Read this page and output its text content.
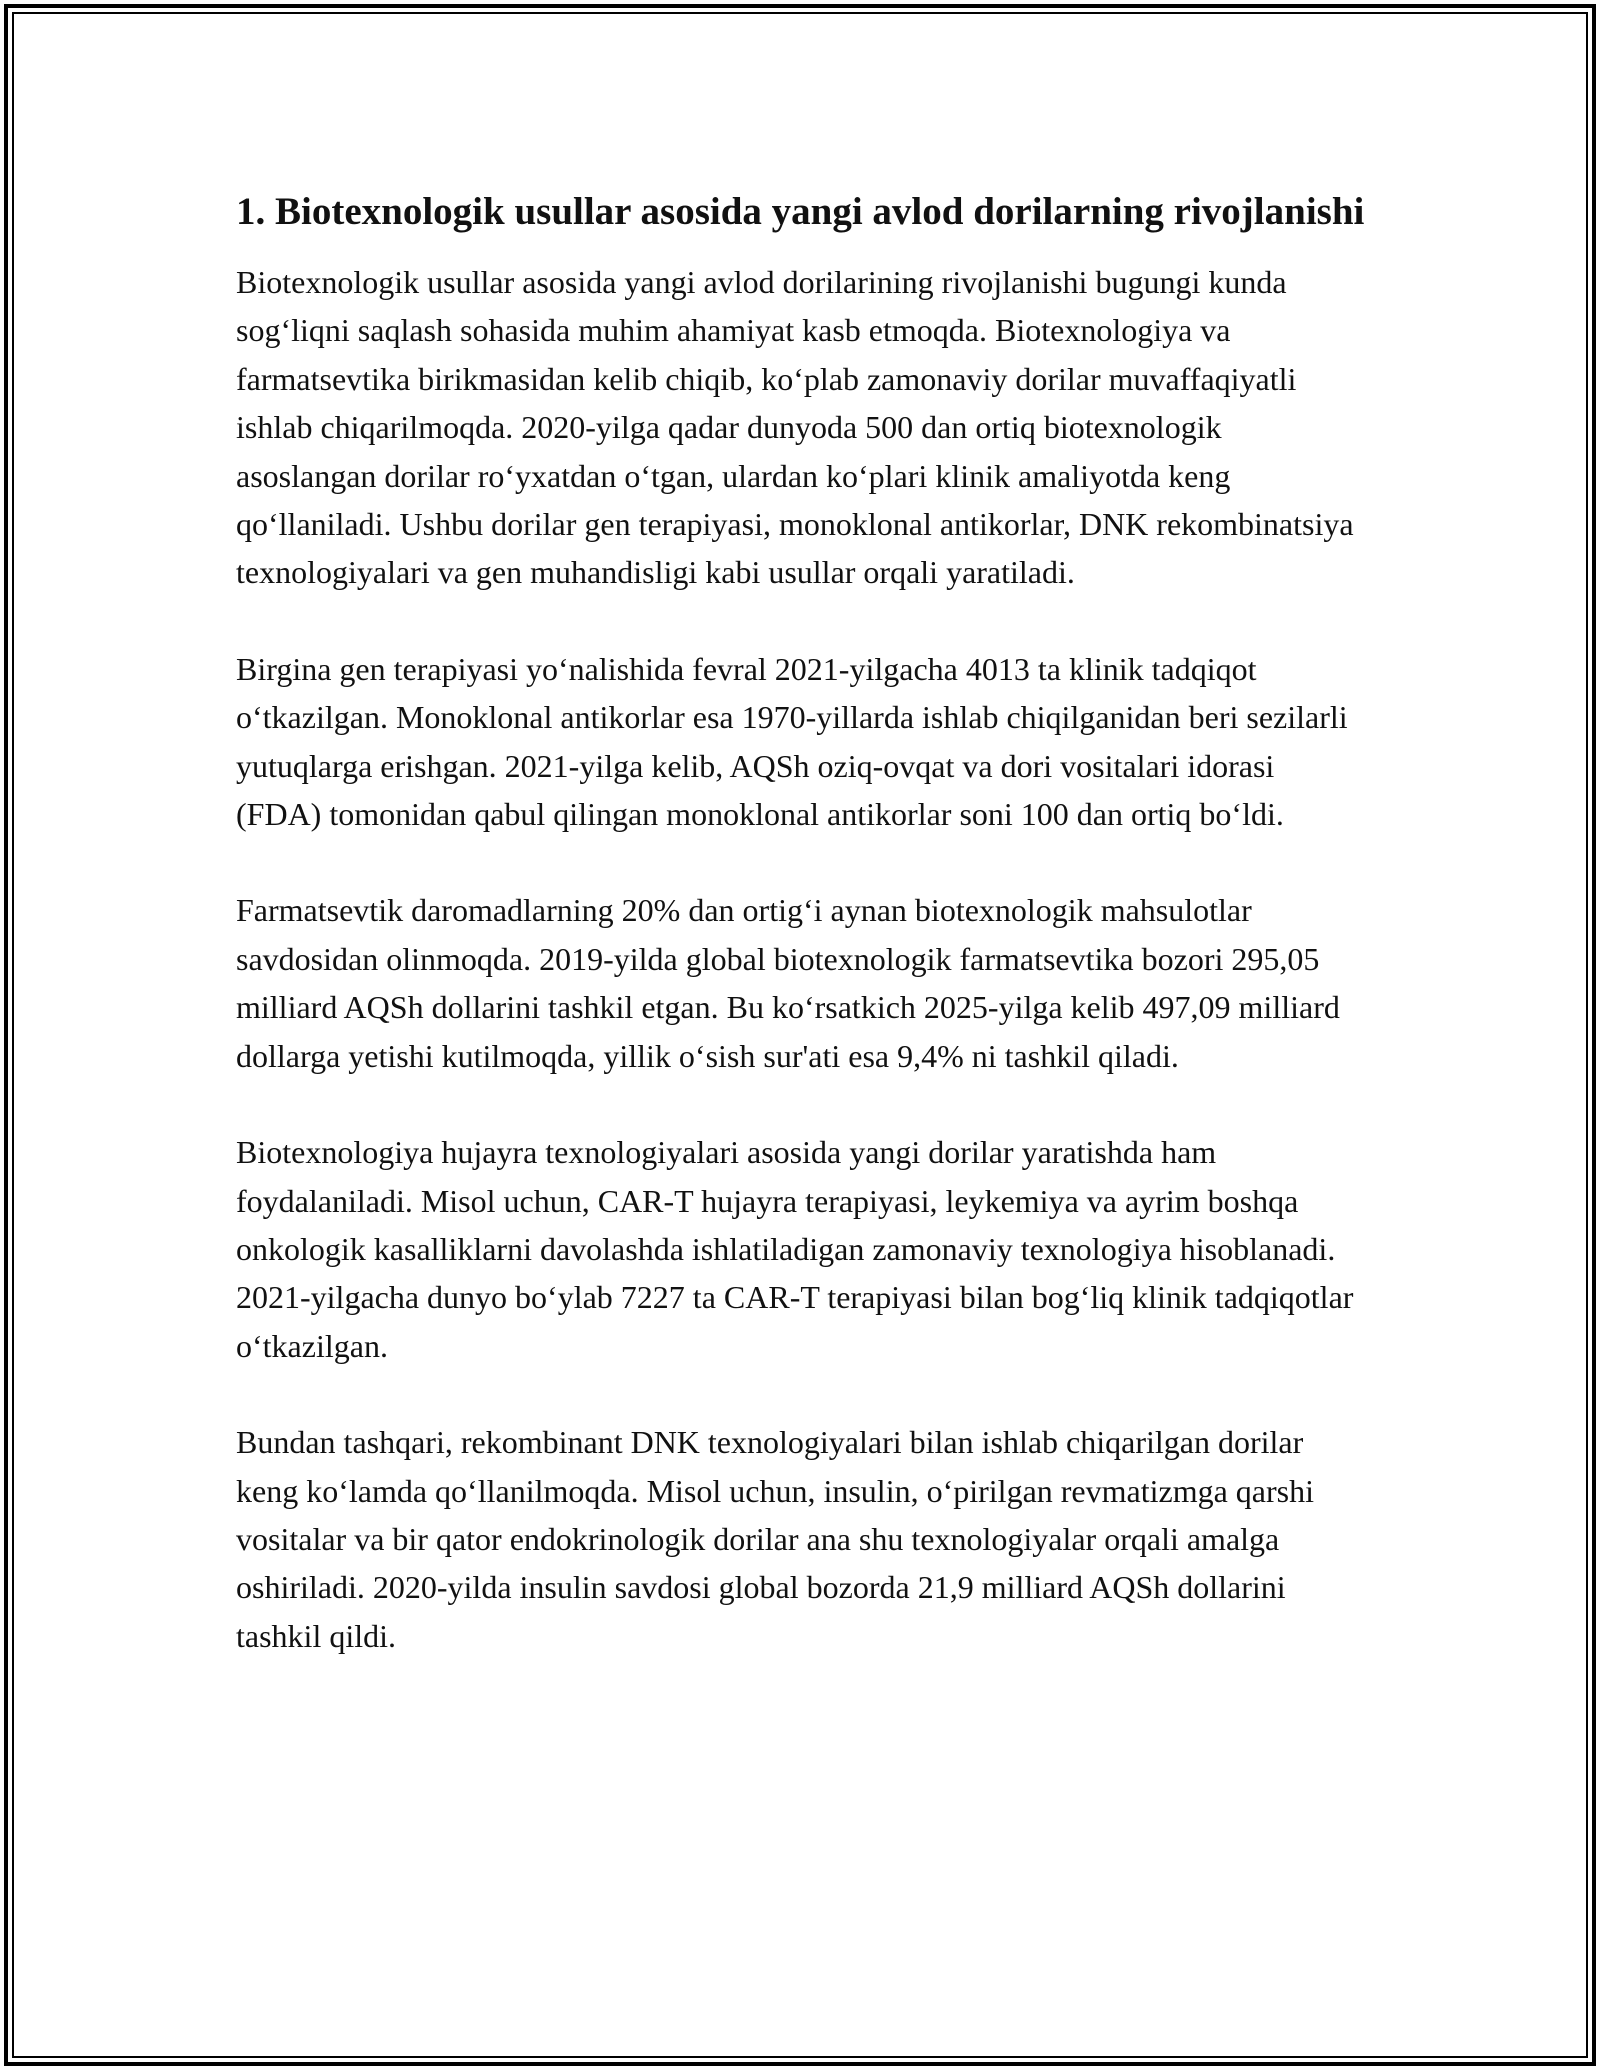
1. Biotexnologik usullar asosida yangi avlod dorilarning rivojlanishi

Biotexnologik usullar asosida yangi avlod dorilarining rivojlanishi bugungi kunda sog‘liqni saqlash sohasida muhim ahamiyat kasb etmoqda. Biotexnologiya va farmatsevtika birikmasidan kelib chiqib, ko‘plab zamonaviy dorilar muvaffaqiyatli ishlab chiqarilmoqda. 2020-yilga qadar dunyoda 500 dan ortiq biotexnologik asoslangan dorilar ro‘yxatdan o‘tgan, ulardan ko‘plari klinik amaliyotda keng qo‘llaniladi. Ushbu dorilar gen terapiyasi, monoklonal antikorlar, DNK rekombinatsiya texnologiyalari va gen muhandisligi kabi usullar orqali yaratiladi.

Birgina gen terapiyasi yo‘nalishida fevral 2021-yilgacha 4013 ta klinik tadqiqot o‘tkazilgan. Monoklonal antikorlar esa 1970-yillarda ishlab chiqilganidan beri sezilarli yutuqlarga erishgan. 2021-yilga kelib, AQSh oziq-ovqat va dori vositalari idorasi (FDA) tomonidan qabul qilingan monoklonal antikorlar soni 100 dan ortiq bo‘ldi.

Farmatsevtik daromadlarning 20% dan ortig‘i aynan biotexnologik mahsulotlar savdosidan olinmoqda. 2019-yilda global biotexnologik farmatsevtika bozori 295,05 milliard AQSh dollarini tashkil etgan. Bu ko‘rsatkich 2025-yilga kelib 497,09 milliard dollarga yetishi kutilmoqda, yillik o‘sish sur'ati esa 9,4% ni tashkil qiladi.

Biotexnologiya hujayra texnologiyalari asosida yangi dorilar yaratishda ham foydalaniladi. Misol uchun, CAR-T hujayra terapiyasi, leykemiya va ayrim boshqa onkologik kasalliklarni davolashda ishlatiladigan zamonaviy texnologiya hisoblanadi. 2021-yilgacha dunyo bo‘ylab 7227 ta CAR-T terapiyasi bilan bog‘liq klinik tadqiqotlar o‘tkazilgan.

Bundan tashqari, rekombinant DNK texnologiyalari bilan ishlab chiqarilgan dorilar keng ko‘lamda qo‘llanilmoqda. Misol uchun, insulin, o‘pirilgan revmatizmga qarshi vositalar va bir qator endokrinologik dorilar ana shu texnologiyalar orqali amalga oshiriladi. 2020-yilda insulin savdosi global bozorda 21,9 milliard AQSh dollarini tashkil qildi.
